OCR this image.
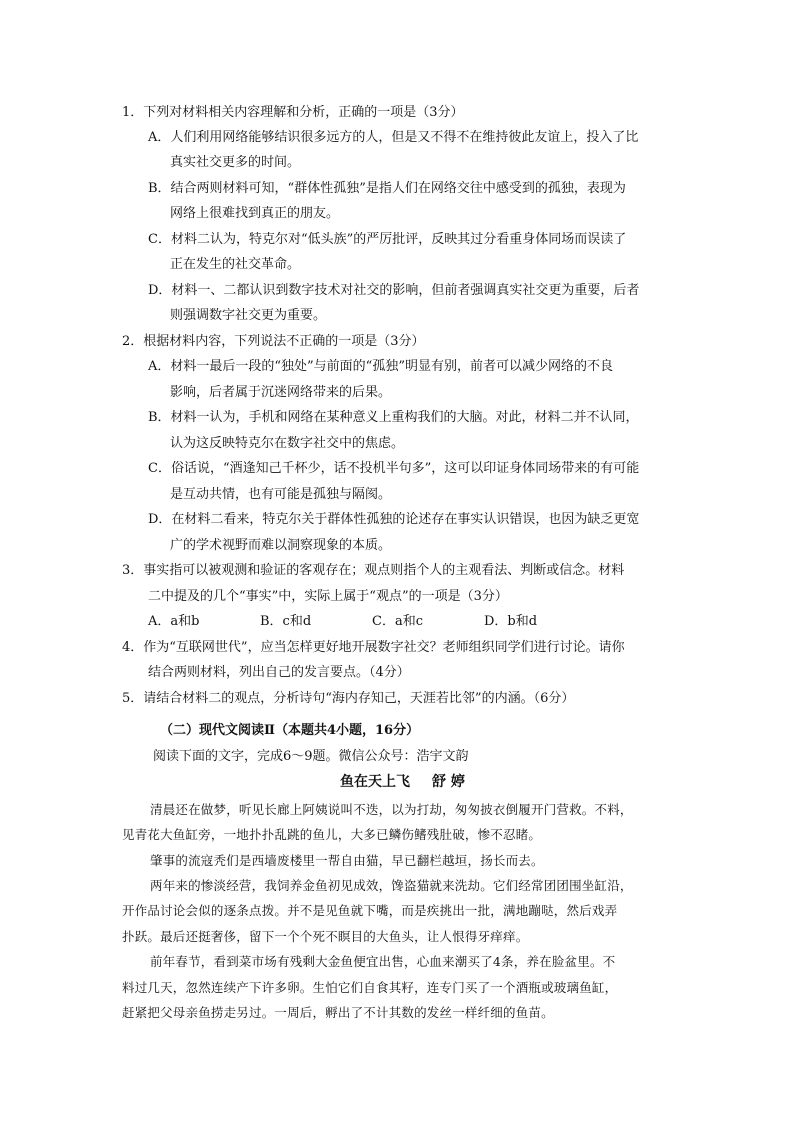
1．下列对材料相关内容理解和分析，正确的一项是（3分）
A．人们利用网络能够结识很多远方的人，但是又不得不在维持彼此友谊上，投入了比
真实社交更多的时间。
B．结合两则材料可知，“群体性孤独”是指人们在网络交往中感受到的孤独，表现为
网络上很难找到真正的朋友。
C．材料二认为，特克尔对“低头族”的严厉批评，反映其过分看重身体同场而误读了
正在发生的社交革命。
D．材料一、二都认识到数字技术对社交的影响，但前者强调真实社交更为重要，后者
则强调数字社交更为重要。
2．根据材料内容，下列说法不正确的一项是（3分）
A．材料一最后一段的“独处”与前面的“孤独”明显有别，前者可以减少网络的不良
影响，后者属于沉迷网络带来的后果。
B．材料一认为，手机和网络在某种意义上重构我们的大脑。对此，材料二并不认同，
认为这反映特克尔在数字社交中的焦虑。
C．俗话说，“酒逢知己千杯少，话不投机半句多”，这可以印证身体同场带来的有可能
是互动共情，也有可能是孤独与隔阂。
D．在材料二看来，特克尔关于群体性孤独的论述存在事实认识错误，也因为缺乏更宽
广的学术视野而难以洞察现象的本质。
3．事实指可以被观测和验证的客观存在；观点则指个人的主观看法、判断或信念。材料
二中提及的几个“事实”中，实际上属于“观点”的一项是（3分）
A．a和b	B．c和d	C．a和c	D．b和d
4．作为“互联网世代”，应当怎样更好地开展数字社交？老师组织同学们进行讨论。请你
结合两则材料，列出自己的发言要点。（4分）
5．请结合材料二的观点，分析诗句“海内存知己，天涯若比邻”的内涵。（6分）
（二）现代文阅读Ⅱ（本题共4小题，16分）
阅读下面的文字，完成6～9题。微信公众号：浩宇文韵
鱼在天上飞 舒 婷
清晨还在做梦，听见长廊上阿姨说叫不迭，以为打劫，匆匆披衣倒履开门营救。不料，
见青花大鱼缸旁，一地扑扑乱跳的鱼儿，大多已鳞伤鳍残肚破，惨不忍睹。
肇事的流寇秃们是西墙废楼里一帮自由猫，早已翻栏越垣，扬长而去。
两年来的惨淡经营，我饲养金鱼初见成效，馋盗猫就来洗劫。它们经常团团围坐缸沿，
开作品讨论会似的逐条点拨。并不是见鱼就下嘴，而是疾挑出一批，满地蹦哒，然后戏弄
扑跃。最后还挺奢侈，留下一个个死不瞑目的大鱼头，让人恨得牙痒痒。
前年春节，看到菜市场有残剩大金鱼便宜出售，心血来潮买了4条，养在脸盆里。不
料过几天，忽然连续产下许多卵。生怕它们自食其籽，连专门买了一个酒瓶或玻璃鱼缸，
赶紧把父母亲鱼捞走另过。一周后，孵出了不计其数的发丝一样纤细的鱼苗。
